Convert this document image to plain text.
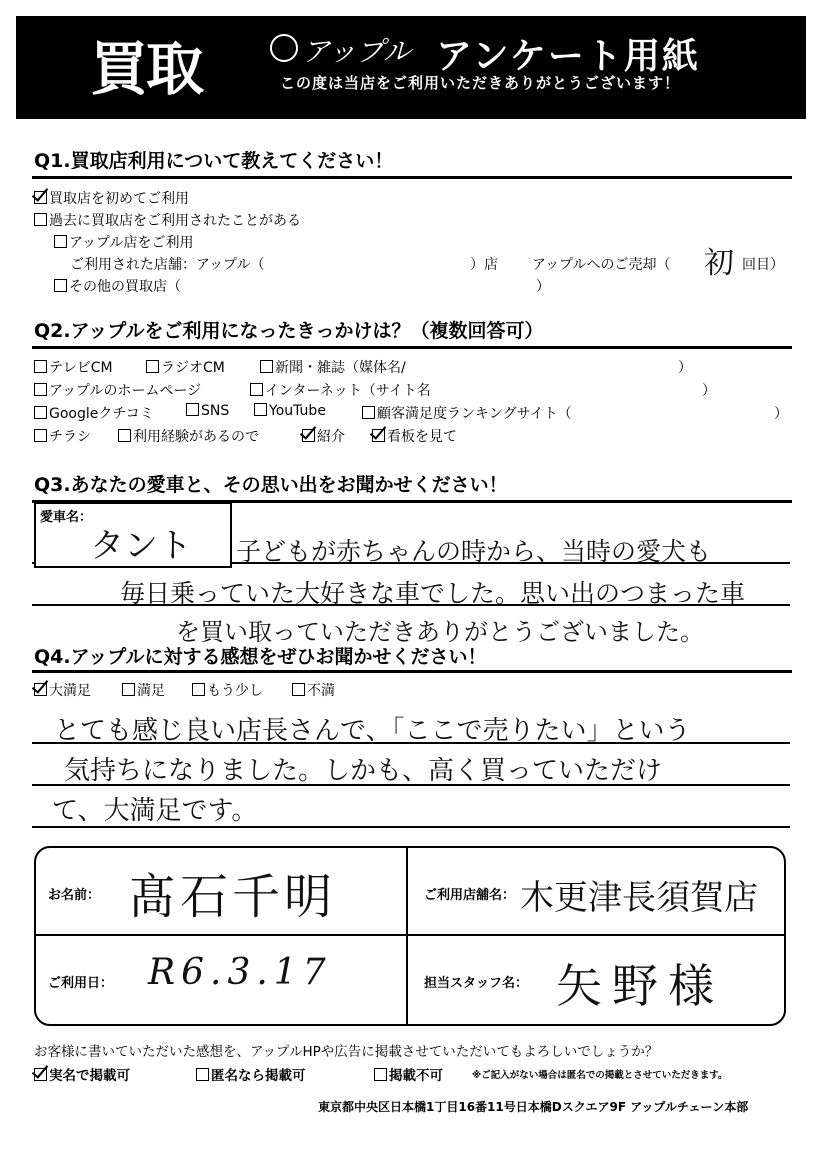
買取	アップル アンケート用紙
この度は当店をご利用いただきありがとうございます！
Q1.買取店利用について教えてください！
買取店を初めてご利用
過去に買取店をご利用されたことがある
アップル店をご利用
ご利用された店舗：アップル（	）店 アップルへのご売却（ 初 回目）
その他の買取店（	）
Q2.アップルをご利用になったきっかけは？（複数回答可）
テレビCM	ラジオCM	新聞・雑誌（媒体名/	）
アップルのホームページ	インターネット（サイト名	）
Googleクチコミ	SNS	YouTube	顧客満足度ランキングサイト（	）
チラシ	利用経験があるので	紹介	看板を見て
Q3.あなたの愛車と、その思い出をお聞かせください！
愛車名：
タント 子どもが赤ちゃんの時から、当時の愛犬も
毎日乗っていた大好きな車でした。思い出のつまった車
を買い取っていただきありがとうございました。
Q4.アップルに対する感想をぜひお聞かせください！
大満足	満足	もう少し	不満
とても感じ良い店長さんで、「ここで売りたい」という
気持ちになりました。しかも、高く買っていただけ
て、大満足です。
お名前： 髙石千明	ご利用店舗名： 木更津長須賀店
ご利用日： R6.3.17	担当スタッフ名： 矢野様
お客様に書いていただいた感想を、アップルHPや広告に掲載させていただいてもよろしいでしょうか？
実名で掲載可	匿名なら掲載可	掲載不可	※ご記入がない場合は匿名での掲載とさせていただきます。
東京都中央区日本橋1丁目16番11号日本橋Dスクエア9F アップルチェーン本部
